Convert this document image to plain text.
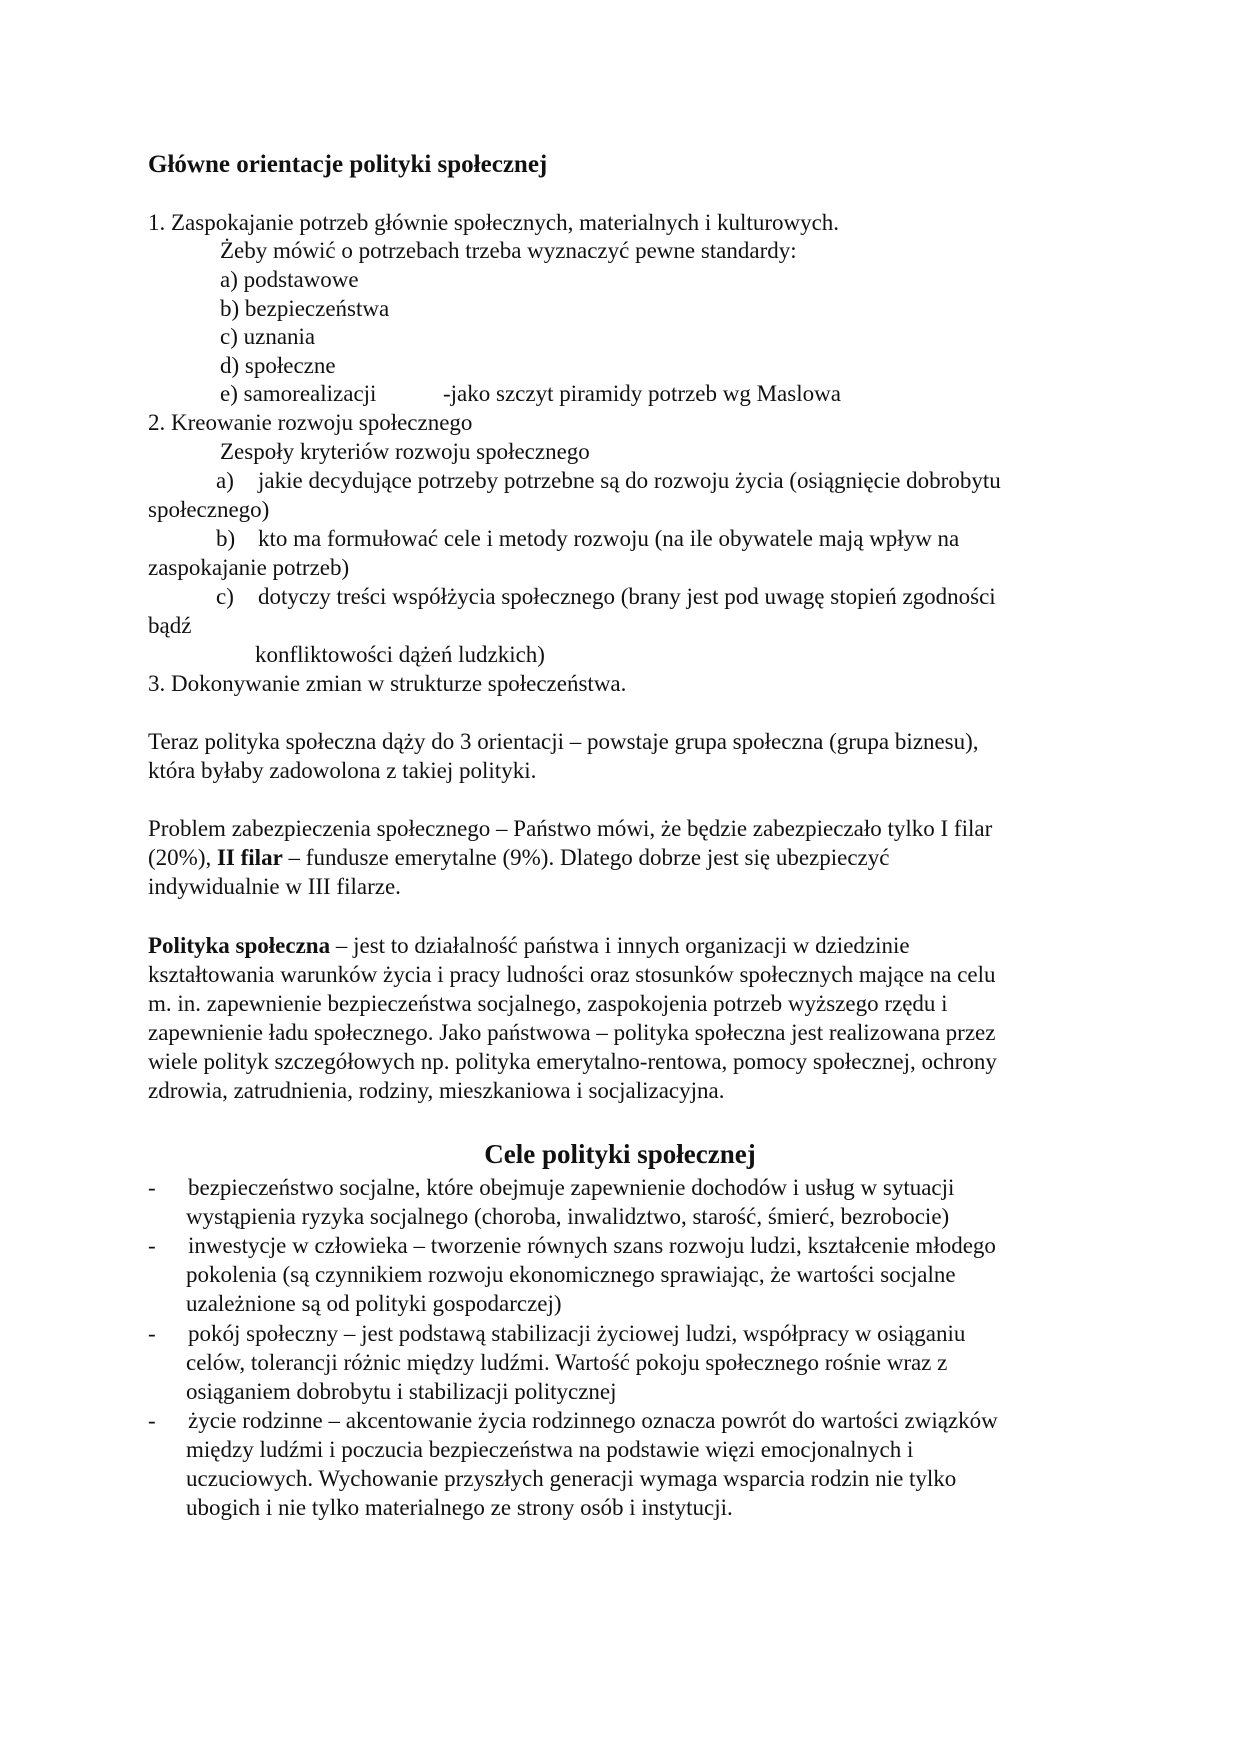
Główne orientacje polityki społecznej
1. Zaspokajanie potrzeb głównie społecznych, materialnych i kulturowych.
Żeby mówić o potrzebach trzeba wyznaczyć pewne standardy:
a) podstawowe
b) bezpieczeństwa
c) uznania
d) społeczne
e) samorealizacji	-jako szczyt piramidy potrzeb wg Maslowa
2. Kreowanie rozwoju społecznego
Zespoły kryteriów rozwoju społecznego
a) jakie decydujące potrzeby potrzebne są do rozwoju życia (osiągnięcie dobrobytu
społecznego)
b) kto ma formułować cele i metody rozwoju (na ile obywatele mają wpływ na
zaspokajanie potrzeb)
c) dotyczy treści współżycia społecznego (brany jest pod uwagę stopień zgodności
bądź
konfliktowości dążeń ludzkich)
3. Dokonywanie zmian w strukturze społeczeństwa.
Teraz polityka społeczna dąży do 3 orientacji – powstaje grupa społeczna (grupa biznesu),
która byłaby zadowolona z takiej polityki.
Problem zabezpieczenia społecznego – Państwo mówi, że będzie zabezpieczało tylko I filar
(20%), II filar – fundusze emerytalne (9%). Dlatego dobrze jest się ubezpieczyć
indywidualnie w III filarze.
Polityka społeczna – jest to działalność państwa i innych organizacji w dziedzinie
kształtowania warunków życia i pracy ludności oraz stosunków społecznych mające na celu
m. in. zapewnienie bezpieczeństwa socjalnego, zaspokojenia potrzeb wyższego rzędu i
zapewnienie ładu społecznego. Jako państwowa – polityka społeczna jest realizowana przez
wiele polityk szczegółowych np. polityka emerytalno-rentowa, pomocy społecznej, ochrony
zdrowia, zatrudnienia, rodziny, mieszkaniowa i socjalizacyjna.
Cele polityki społecznej
- bezpieczeństwo socjalne, które obejmuje zapewnienie dochodów i usług w sytuacji
wystąpienia ryzyka socjalnego (choroba, inwalidztwo, starość, śmierć, bezrobocie)
- inwestycje w człowieka – tworzenie równych szans rozwoju ludzi, kształcenie młodego
pokolenia (są czynnikiem rozwoju ekonomicznego sprawiając, że wartości socjalne
uzależnione są od polityki gospodarczej)
- pokój społeczny – jest podstawą stabilizacji życiowej ludzi, współpracy w osiąganiu
celów, tolerancji różnic między ludźmi. Wartość pokoju społecznego rośnie wraz z
osiąganiem dobrobytu i stabilizacji politycznej
- życie rodzinne – akcentowanie życia rodzinnego oznacza powrót do wartości związków
między ludźmi i poczucia bezpieczeństwa na podstawie więzi emocjonalnych i
uczuciowych. Wychowanie przyszłych generacji wymaga wsparcia rodzin nie tylko
ubogich i nie tylko materialnego ze strony osób i instytucji.
